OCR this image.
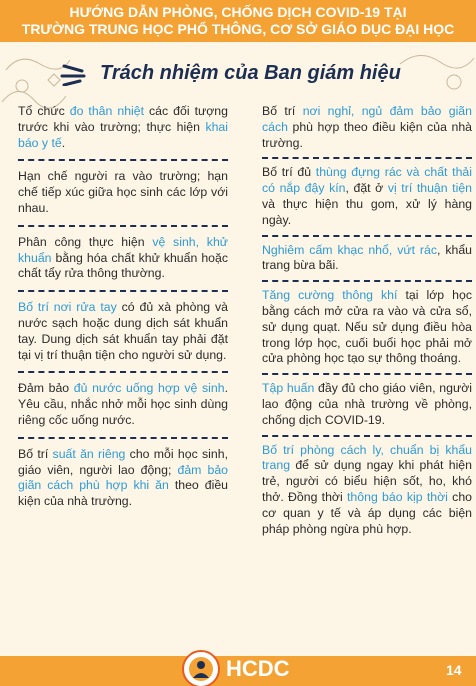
HƯỚNG DẪN PHÒNG, CHỐNG DỊCH COVID-19 TẠI
TRƯỜNG TRUNG HỌC PHỔ THÔNG, CƠ SỞ GIÁO DỤC ĐẠI HỌC
Trách nhiệm của Ban giám hiệu
Tổ chức đo thân nhiệt các đối tượng trước khi vào trường; thực hiện khai báo y tế.
Hạn chế người ra vào trường; hạn chế tiếp xúc giữa học sinh các lớp với nhau.
Phân công thực hiện vệ sinh, khử khuẩn bằng hóa chất khử khuẩn hoặc chất tẩy rửa thông thường.
Bố trí nơi rửa tay có đủ xà phòng và nước sạch hoặc dung dịch sát khuẩn tay. Dung dịch sát khuẩn tay phải đặt tại vị trí thuận tiện cho người sử dụng.
Đảm bảo đủ nước uống hợp vệ sinh. Yêu cầu, nhắc nhở mỗi học sinh dùng riêng cốc uống nước.
Bố trí suất ăn riêng cho mỗi học sinh, giáo viên, người lao động; đảm bảo giãn cách phù hợp khi ăn theo điều kiện của nhà trường.
Bố trí nơi nghỉ, ngủ đảm bảo giãn cách phù hợp theo điều kiện của nhà trường.
Bố trí đủ thùng đựng rác và chất thải có nắp đậy kín, đặt ở vị trí thuận tiện và thực hiện thu gom, xử lý hàng ngày.
Nghiêm cấm khạc nhổ, vứt rác, khẩu trang bừa bãi.
Tăng cường thông khí tại lớp học bằng cách mở cửa ra vào và cửa sổ, sử dụng quạt. Nếu sử dụng điều hòa trong lớp học, cuối buổi học phải mở cửa phòng học tạo sự thông thoáng.
Tập huấn đầy đủ cho giáo viên, người lao động của nhà trường về phòng, chống dịch COVID-19.
Bố trí phòng cách ly, chuẩn bị khẩu trang để sử dụng ngay khi phát hiện trẻ, người có biểu hiện sốt, ho, khó thở. Đồng thời thông báo kịp thời cho cơ quan y tế và áp dụng các biện pháp phòng ngừa phù hợp.
HCDC	14
